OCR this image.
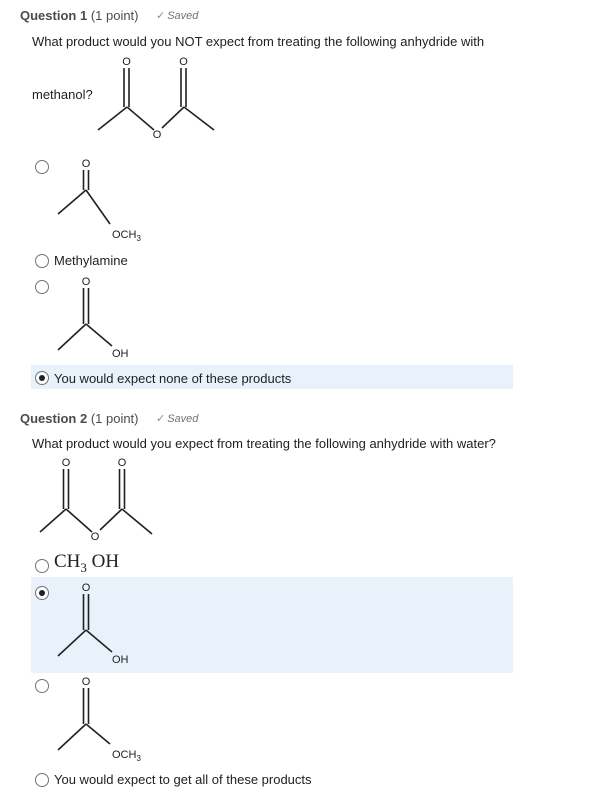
Question 1 (1 point) ✓ Saved
What product would you NOT expect from treating the following anhydride with
methanol?
O	O
O
O
$OCH_3$
Methylamine
O
OH
You would expect none of these products
Question 2 (1 point) ✓ Saved
What product would you expect from treating the following anhydride with water?
O	O
O
$CH_3$ OH
O
OH
O
$OCH_3$
You would expect to get all of these products
